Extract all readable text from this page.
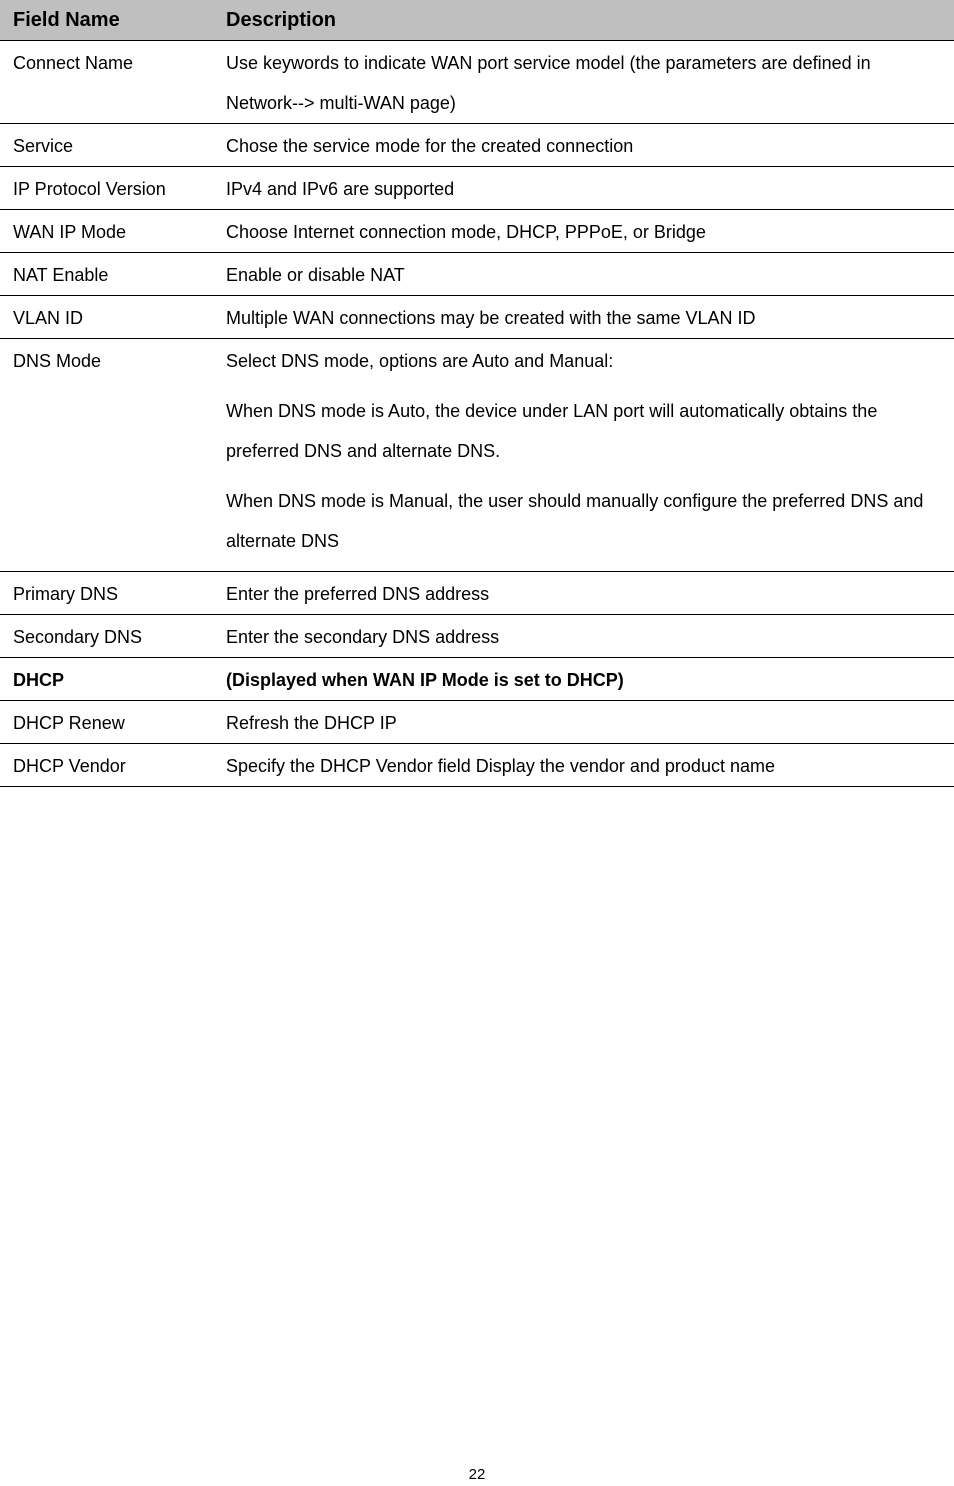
Field Name	Description
Connect Name	Use keywords to indicate WAN port service model (the parameters are defined in Network--> multi-WAN page)
Service	Chose the service mode for the created connection
IP Protocol Version	IPv4 and IPv6 are supported
WAN IP Mode	Choose Internet connection mode, DHCP, PPPoE, or Bridge
NAT Enable	Enable or disable NAT
VLAN ID	Multiple WAN connections may be created with the same VLAN ID
DNS Mode	Select DNS mode, options are Auto and Manual:
When DNS mode is Auto, the device under LAN port will automatically obtains the preferred DNS and alternate DNS.
When DNS mode is Manual, the user should manually configure the preferred DNS and alternate DNS

Primary DNS	Enter the preferred DNS address
Secondary DNS	Enter the secondary DNS address
DHCP	(Displayed when WAN IP Mode is set to DHCP)
DHCP Renew	Refresh the DHCP IP
DHCP Vendor	Specify the DHCP Vendor field Display the vendor and product name
22
